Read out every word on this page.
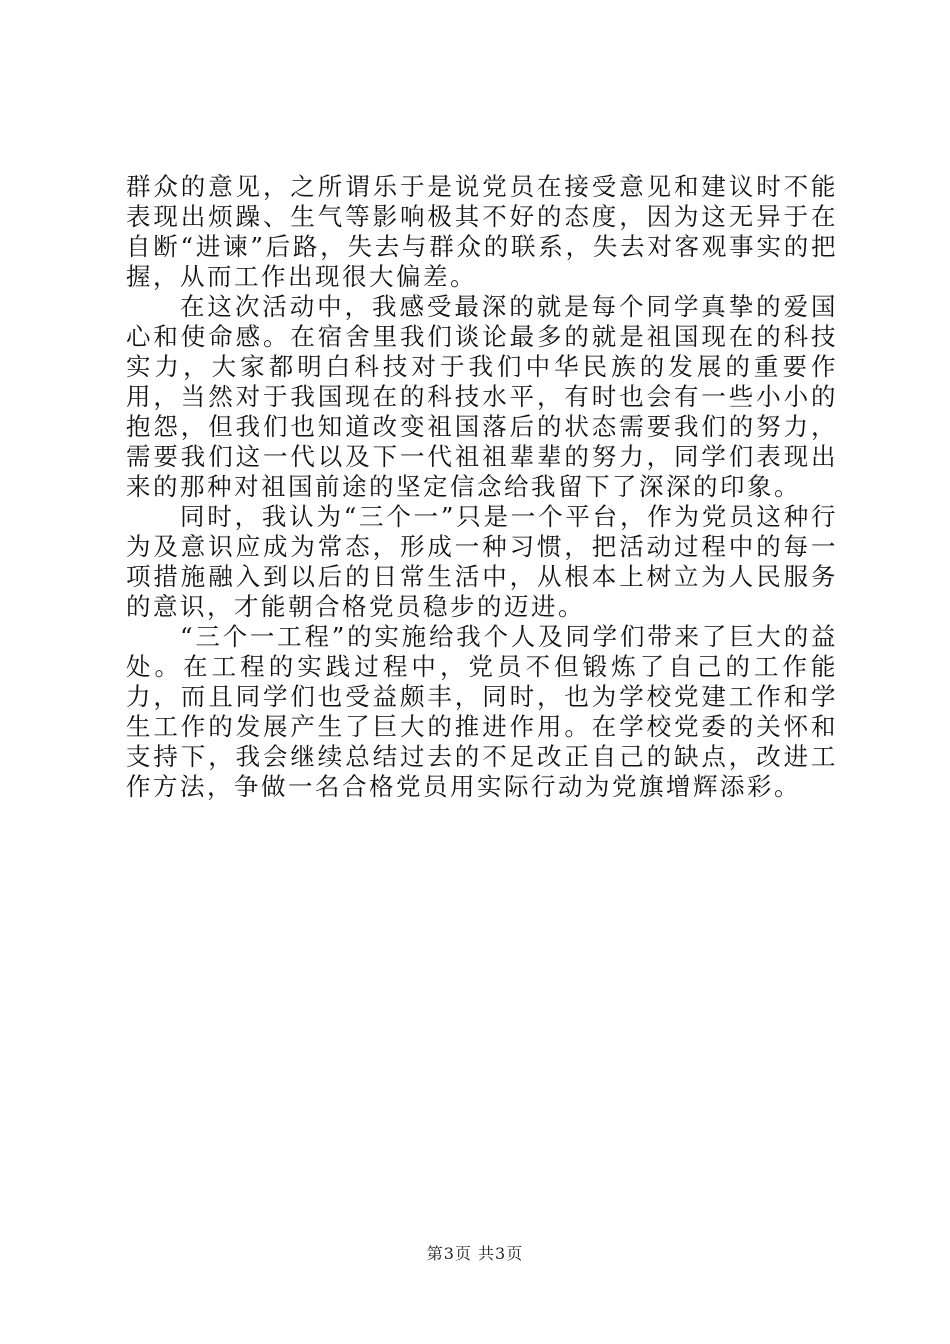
群众的意见，之所谓乐于是说党员在接受意见和建议时不能表现出烦躁、生气等影响极其不好的态度，因为这无异于在自断“进谏”后路，失去与群众的联系，失去对客观事实的把握，从而工作出现很大偏差。

在这次活动中，我感受最深的就是每个同学真挚的爱国心和使命感。在宿舍里我们谈论最多的就是祖国现在的科技实力，大家都明白科技对于我们中华民族的发展的重要作用，当然对于我国现在的科技水平，有时也会有一些小小的抱怨，但我们也知道改变祖国落后的状态需要我们的努力，需要我们这一代以及下一代祖祖辈辈的努力，同学们表现出来的那种对祖国前途的坚定信念给我留下了深深的印象。

同时，我认为“三个一”只是一个平台，作为党员这种行为及意识应成为常态，形成一种习惯，把活动过程中的每一项措施融入到以后的日常生活中，从根本上树立为人民服务的意识，才能朝合格党员稳步的迈进。

“三个一工程”的实施给我个人及同学们带来了巨大的益处。在工程的实践过程中，党员不但锻炼了自己的工作能力，而且同学们也受益颇丰，同时，也为学校党建工作和学生工作的发展产生了巨大的推进作用。在学校党委的关怀和支持下，我会继续总结过去的不足改正自己的缺点，改进工作方法，争做一名合格党员用实际行动为党旗增辉添彩。

第3页 共3页
